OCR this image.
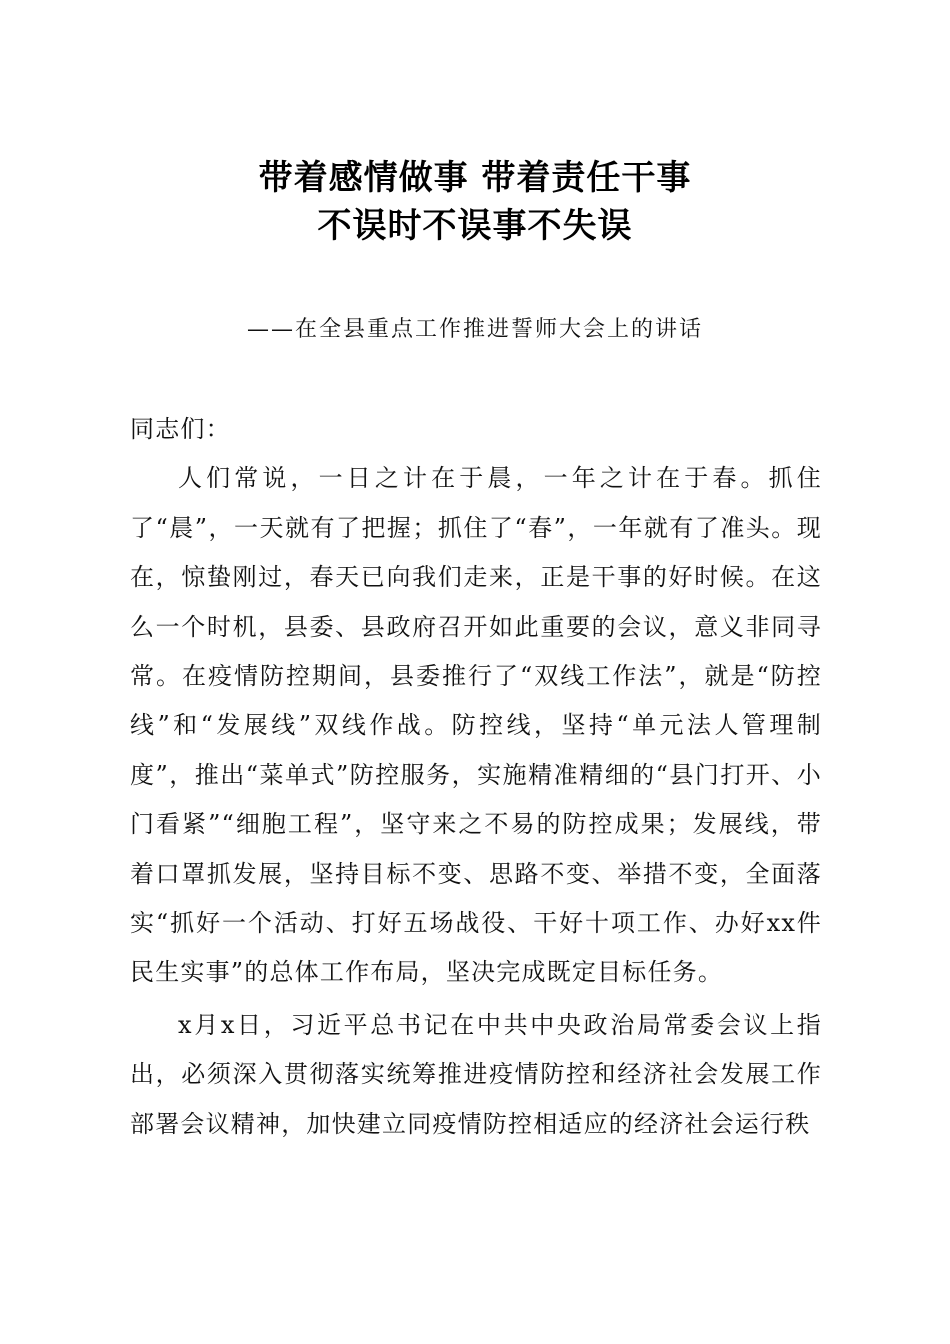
带着感情做事 带着责任干事
不误时不误事不失误
——在全县重点工作推进誓师大会上的讲话

同志们：

人们常说，一日之计在于晨，一年之计在于春。抓住了“晨”，一天就有了把握；抓住了“春”，一年就有了准头。现在，惊蛰刚过，春天已向我们走来，正是干事的好时候。在这么一个时机，县委、县政府召开如此重要的会议，意义非同寻常。在疫情防控期间，县委推行了“双线工作法”，就是“防控线”和“发展线”双线作战。防控线，坚持“单元法人管理制度”，推出“菜单式”防控服务，实施精准精细的“县门打开、小门看紧”“细胞工程”，坚守来之不易的防控成果；发展线，带着口罩抓发展，坚持目标不变、思路不变、举措不变，全面落实“抓好一个活动、打好五场战役、干好十项工作、办好xx件民生实事”的总体工作布局，坚决完成既定目标任务。

x月x日，习近平总书记在中共中央政治局常委会议上指出，必须深入贯彻落实统筹推进疫情防控和经济社会发展工作部署会议精神，加快建立同疫情防控相适应的经济社会运行秩
